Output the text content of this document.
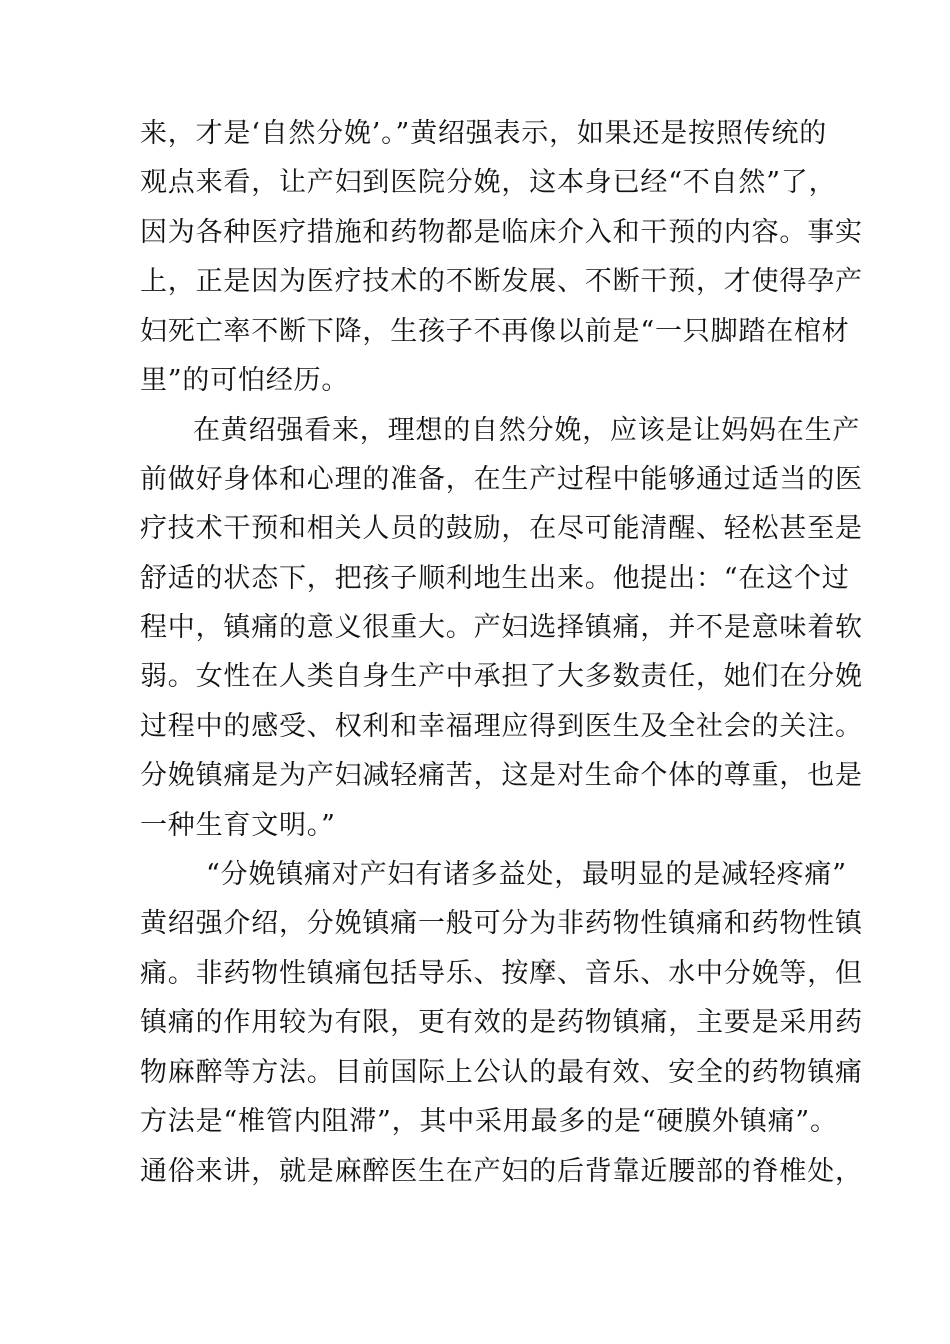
来，才是‘自然分娩’。”黄绍强表示，如果还是按照传统的
观点来看，让产妇到医院分娩，这本身已经“不自然”了，
因为各种医疗措施和药物都是临床介入和干预的内容。事实
上，正是因为医疗技术的不断发展、不断干预，才使得孕产
妇死亡率不断下降，生孩子不再像以前是“一只脚踏在棺材
里”的可怕经历。
在黄绍强看来，理想的自然分娩，应该是让妈妈在生产
前做好身体和心理的准备，在生产过程中能够通过适当的医
疗技术干预和相关人员的鼓励，在尽可能清醒、轻松甚至是
舒适的状态下，把孩子顺利地生出来。他提出：“在这个过
程中，镇痛的意义很重大。产妇选择镇痛，并不是意味着软
弱。女性在人类自身生产中承担了大多数责任，她们在分娩
过程中的感受、权利和幸福理应得到医生及全社会的关注。
分娩镇痛是为产妇减轻痛苦，这是对生命个体的尊重，也是
一种生育文明。”
“分娩镇痛对产妇有诸多益处，最明显的是减轻疼痛”
黄绍强介绍，分娩镇痛一般可分为非药物性镇痛和药物性镇
痛。非药物性镇痛包括导乐、按摩、音乐、水中分娩等，但
镇痛的作用较为有限，更有效的是药物镇痛，主要是采用药
物麻醉等方法。目前国际上公认的最有效、安全的药物镇痛
方法是“椎管内阻滞”，其中采用最多的是“硬膜外镇痛”。
通俗来讲，就是麻醉医生在产妇的后背靠近腰部的脊椎处，
